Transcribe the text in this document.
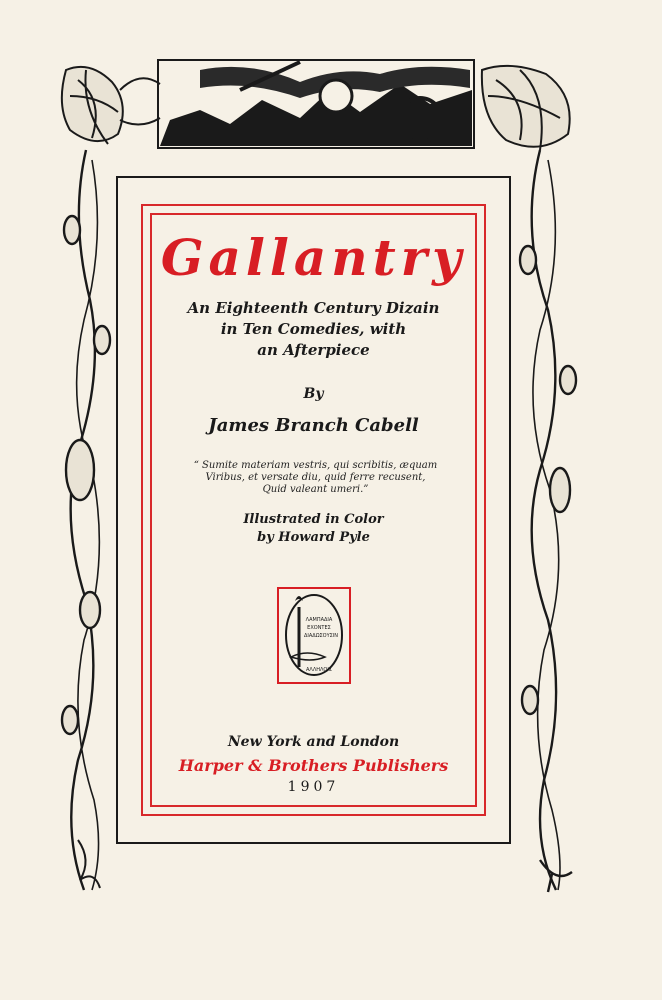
Gallantry
An Eighteenth Century Dizain
in Ten Comedies, with
an Afterpiece
By
James Branch Cabell
“ Sumite materiam vestris, qui scribitis, æquam
Viribus, et versate diu, quid ferre recusent,
Quid valeant umeri.”
Illustrated in Color
by Howard Pyle
ΛΑΜΠΑΔΙΑ
ΕΧΟΝΤΕΣ
ΔΙΑΔΩΣΟΥΣΙΝ
ΑΛΛΗΛΟΙΣ
New York and London
Harper & Brothers Publishers
1907
